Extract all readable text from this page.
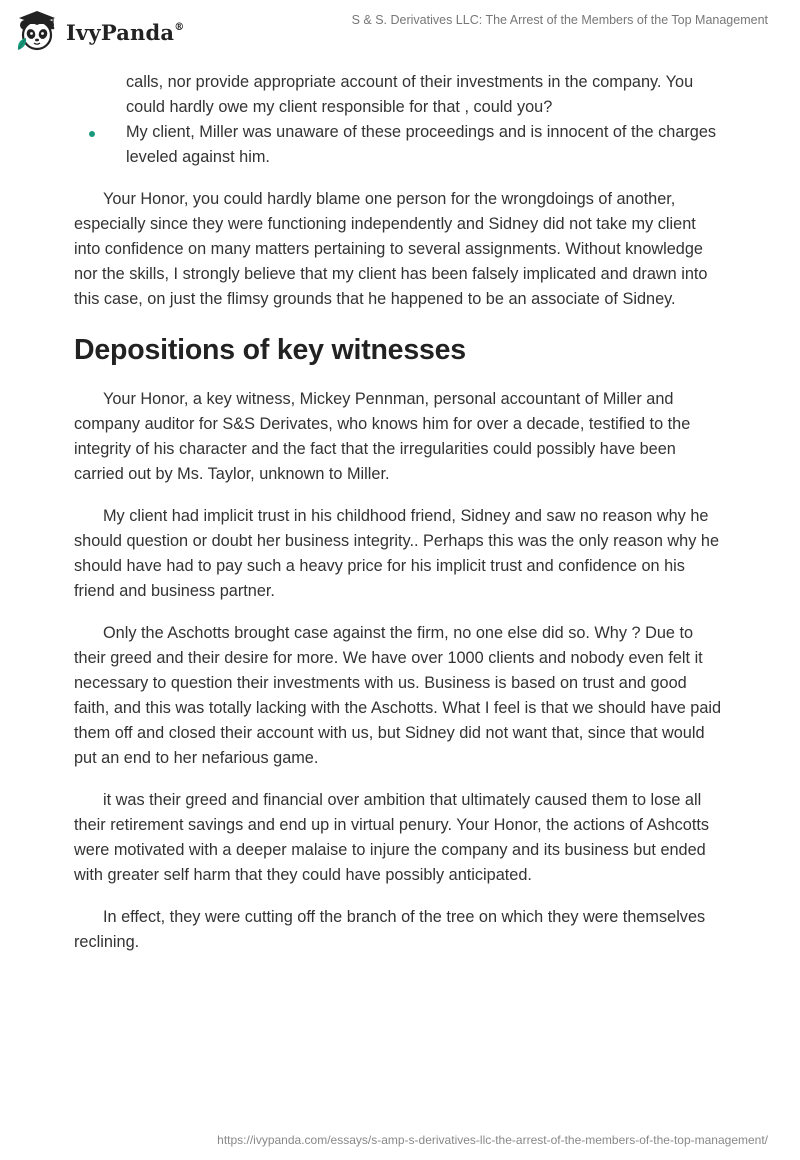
IvyPanda®	S & S. Derivatives LLC: The Arrest of the Members of the Top Management
calls, nor provide appropriate account of their investments in the company. You could hardly owe my client responsible for that , could you?
My client, Miller was unaware of these proceedings and is innocent of the charges leveled against him.

Your Honor, you could hardly blame one person for the wrongdoings of another, especially since they were functioning independently and Sidney did not take my client into confidence on many matters pertaining to several assignments. Without knowledge nor the skills, I strongly believe that my client has been falsely implicated and drawn into this case, on just the flimsy grounds that he happened to be an associate of Sidney.

Depositions of key witnesses

Your Honor, a key witness, Mickey Pennman, personal accountant of Miller and company auditor for S&S Derivates, who knows him for over a decade, testified to the integrity of his character and the fact that the irregularities could possibly have been carried out by Ms. Taylor, unknown to Miller.

My client had implicit trust in his childhood friend, Sidney and saw no reason why he should question or doubt her business integrity.. Perhaps this was the only reason why he should have had to pay such a heavy price for his implicit trust and confidence on his friend and business partner.

Only the Aschotts brought case against the firm, no one else did so. Why ? Due to their greed and their desire for more. We have over 1000 clients and nobody even felt it necessary to question their investments with us. Business is based on trust and good faith, and this was totally lacking with the Aschotts. What I feel is that we should have paid them off and closed their account with us, but Sidney did not want that, since that would put an end to her nefarious game.

it was their greed and financial over ambition that ultimately caused them to lose all their retirement savings and end up in virtual penury. Your Honor, the actions of Ashcotts were motivated with a deeper malaise to injure the company and its business but ended with greater self harm that they could have possibly anticipated.

In effect, they were cutting off the branch of the tree on which they were themselves reclining.

https://ivypanda.com/essays/s-amp-s-derivatives-llc-the-arrest-of-the-members-of-the-top-management/
